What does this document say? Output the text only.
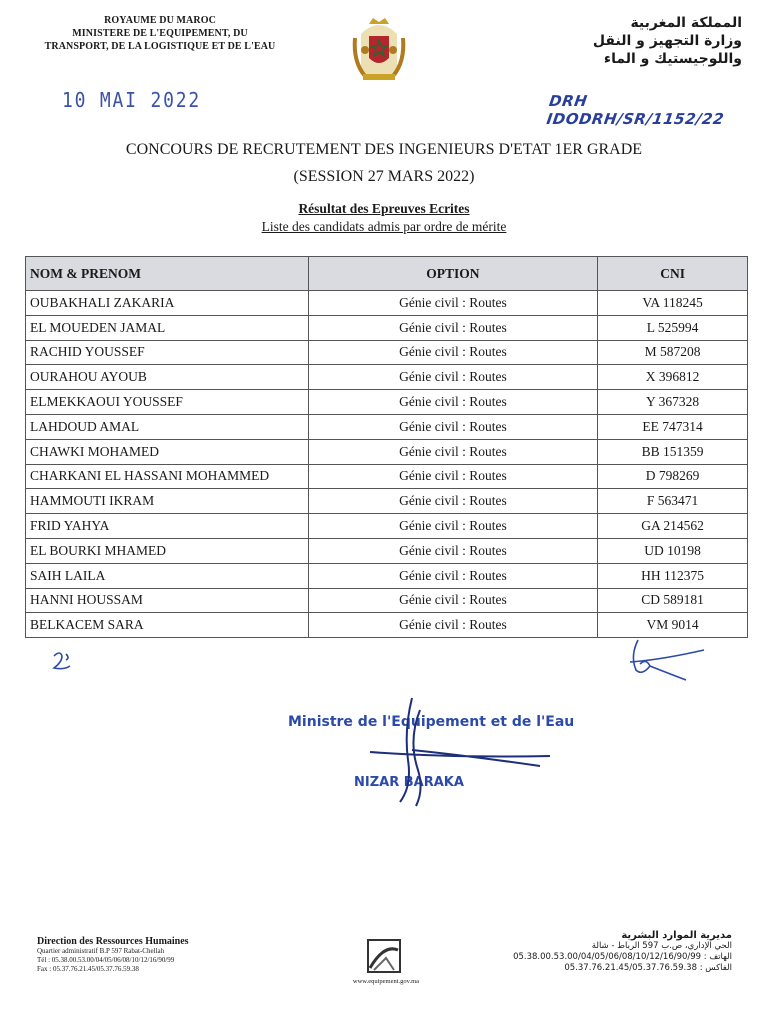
ROYAUME DU MAROC
MINISTERE DE L'EQUIPEMENT, DU
TRANSPORT, DE LA LOGISTIQUE ET DE L'EAU
المملكة المغربية
وزارة التجهيز و النقل
واللوجيستيك و الماء
10 MAI 2022	DRH IDODRH/SR/1152/22
CONCOURS DE RECRUTEMENT DES INGENIEURS D'ETAT 1ER GRADE
(SESSION 27 MARS 2022)
Résultat des Epreuves Ecrites
Liste des candidats admis par ordre de mérite
NOM & PRENOM	OPTION	CNI
OUBAKHALI ZAKARIA	Génie civil : Routes	VA 118245
EL MOUEDEN JAMAL	Génie civil : Routes	L 525994
RACHID YOUSSEF	Génie civil : Routes	M 587208
OURAHOU AYOUB	Génie civil : Routes	X 396812
ELMEKKAOUI YOUSSEF	Génie civil : Routes	Y 367328
LAHDOUD AMAL	Génie civil : Routes	EE 747314
CHAWKI MOHAMED	Génie civil : Routes	BB 151359
CHARKANI EL HASSANI MOHAMMED	Génie civil : Routes	D 798269
HAMMOUTI IKRAM	Génie civil : Routes	F 563471
FRID YAHYA	Génie civil : Routes	GA 214562
EL BOURKI MHAMED	Génie civil : Routes	UD 10198
SAIH LAILA	Génie civil : Routes	HH 112375
HANNI HOUSSAM	Génie civil : Routes	CD 589181
BELKACEM SARA	Génie civil : Routes	VM 9014
Ministre de l'Equipement et de l'Eau
NIZAR BARAKA
Direction des Ressources Humaines
Quartier administratif B.P 597 Rabat-Chellah
Tél : 05.38.00.53.00/04/05/06/08/10/12/16/90/99
Fax : 05.37.76.21.45/05.37.76.59.38
www.equipement.gov.ma
مديرية الموارد البشرية
الحي الإداري، ص.ب 597 الرباط - شالة
الهاتف : 05.38.00.53.00/04/05/06/08/10/12/16/90/99
الفاكس : 05.37.76.21.45/05.37.76.59.38
